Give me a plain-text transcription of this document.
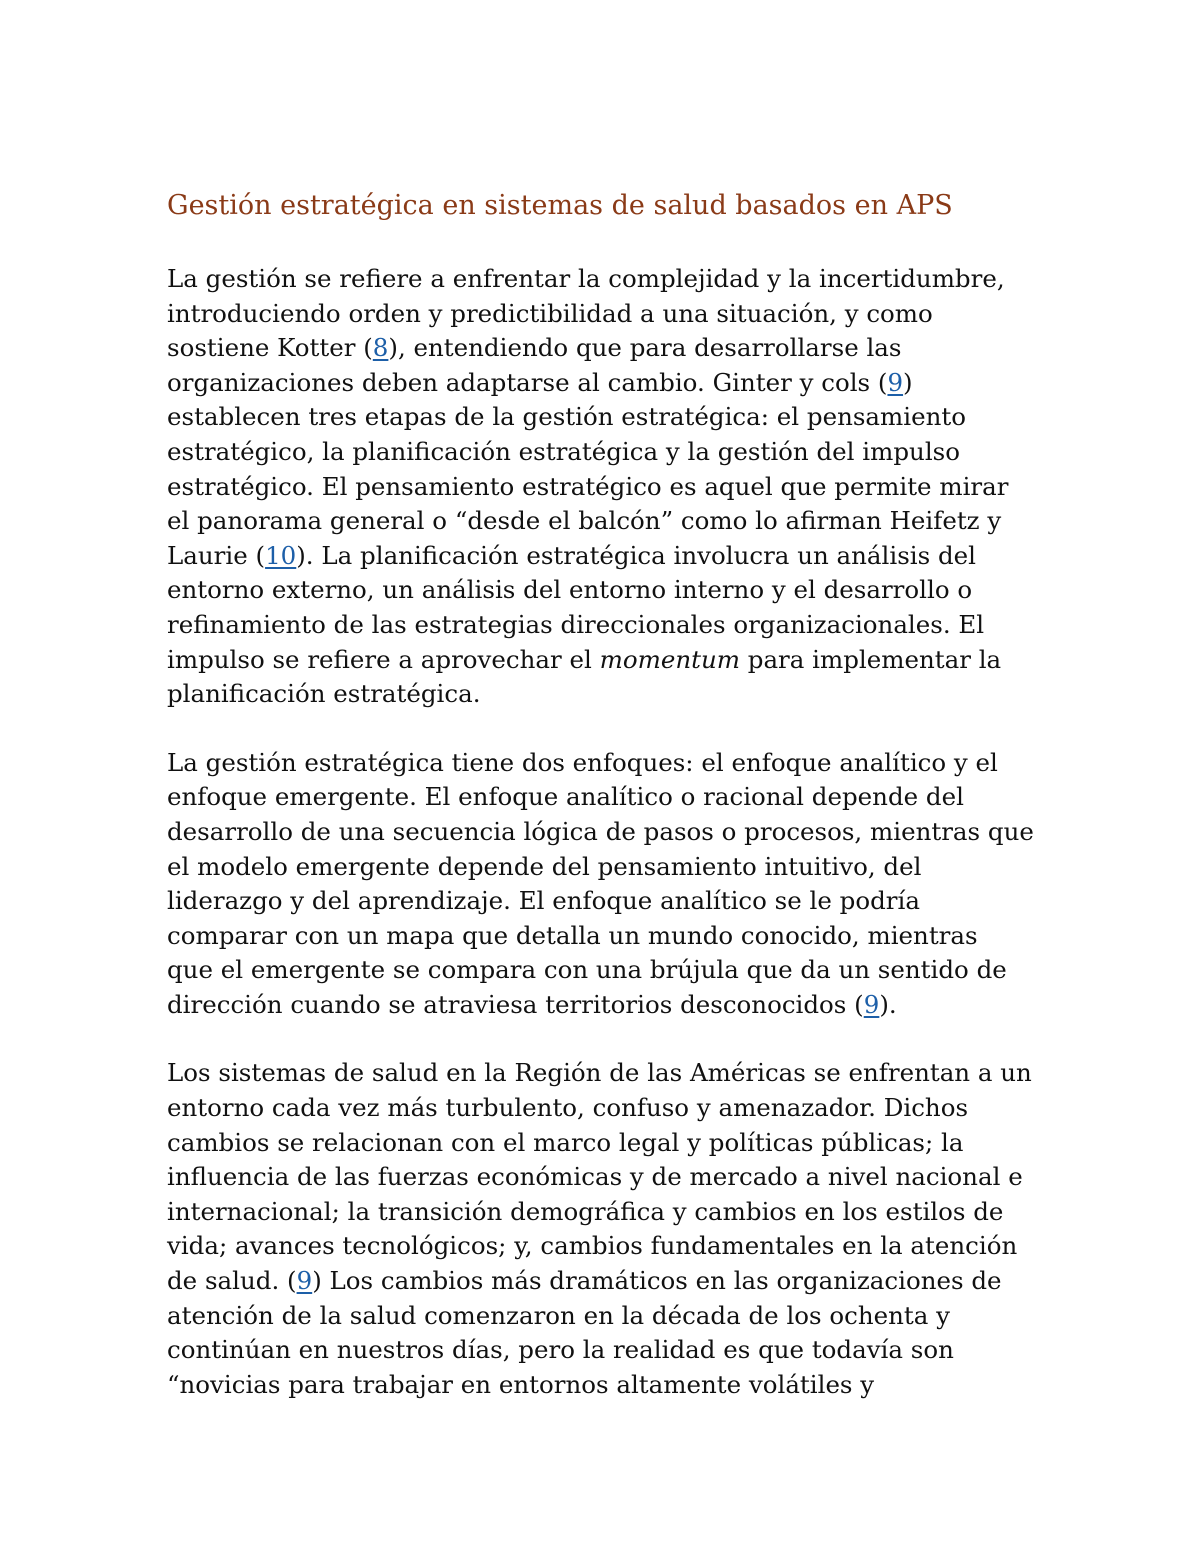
Gestión estratégica en sistemas de salud basados en APS

La gestión se refiere a enfrentar la complejidad y la incertidumbre,
introduciendo orden y predictibilidad a una situación, y como
sostiene Kotter (8), entendiendo que para desarrollarse las
organizaciones deben adaptarse al cambio. Ginter y cols (9)
establecen tres etapas de la gestión estratégica: el pensamiento
estratégico, la planificación estratégica y la gestión del impulso
estratégico. El pensamiento estratégico es aquel que permite mirar
el panorama general o “desde el balcón” como lo afirman Heifetz y
Laurie (10). La planificación estratégica involucra un análisis del
entorno externo, un análisis del entorno interno y el desarrollo o
refinamiento de las estrategias direccionales organizacionales. El
impulso se refiere a aprovechar el momentum para implementar la
planificación estratégica.

La gestión estratégica tiene dos enfoques: el enfoque analítico y el
enfoque emergente. El enfoque analítico o racional depende del
desarrollo de una secuencia lógica de pasos o procesos, mientras que
el modelo emergente depende del pensamiento intuitivo, del
liderazgo y del aprendizaje. El enfoque analítico se le podría
comparar con un mapa que detalla un mundo conocido, mientras
que el emergente se compara con una brújula que da un sentido de
dirección cuando se atraviesa territorios desconocidos (9).

Los sistemas de salud en la Región de las Américas se enfrentan a un
entorno cada vez más turbulento, confuso y amenazador. Dichos
cambios se relacionan con el marco legal y políticas públicas; la
influencia de las fuerzas económicas y de mercado a nivel nacional e
internacional; la transición demográfica y cambios en los estilos de
vida; avances tecnológicos; y, cambios fundamentales en la atención
de salud. (9) Los cambios más dramáticos en las organizaciones de
atención de la salud comenzaron en la década de los ochenta y
continúan en nuestros días, pero la realidad es que todavía son
“novicias para trabajar en entornos altamente volátiles y
